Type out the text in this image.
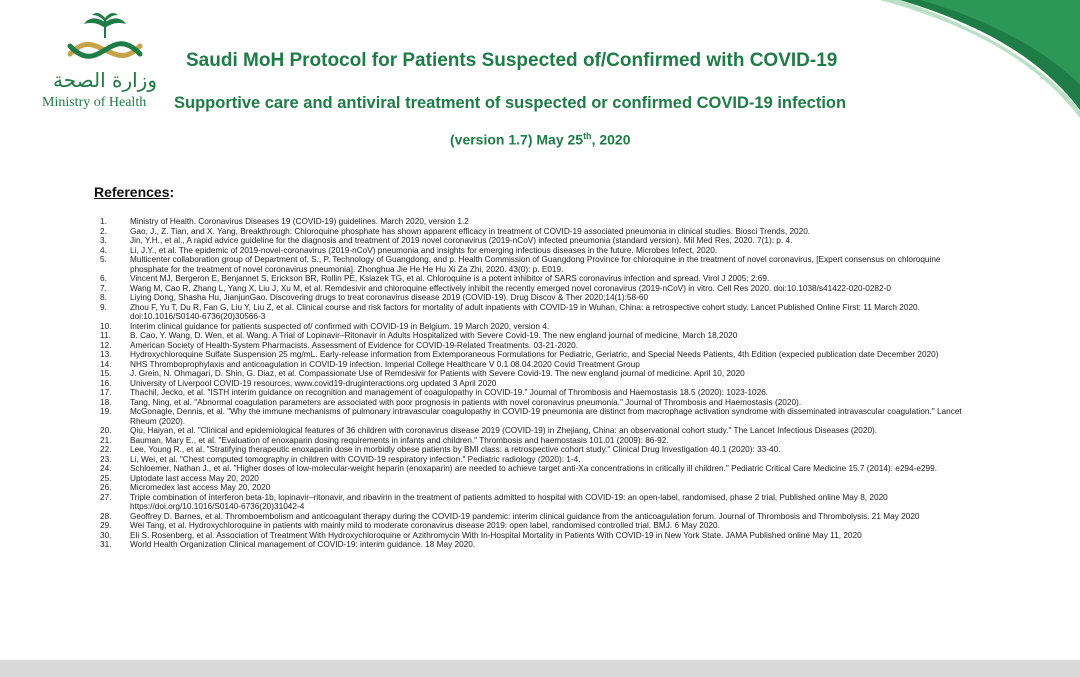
وزارة الصحة
Ministry of Health
Saudi MoH Protocol for Patients Suspected of/Confirmed with COVID-19
Supportive care and antiviral treatment of suspected or confirmed COVID-19 infection
(version 1.7) May 25th, 2020
References:
1.	Ministry of Health. Coronavirus Diseases 19 (COVID-19) guidelines. March 2020, version 1.2
2.	Gao, J., Z. Tian, and X. Yang, Breakthrough: Chloroquine phosphate has shown apparent efficacy in treatment of COVID-19 associated pneumonia in clinical studies. Biosci Trends, 2020.
3.	Jin, Y.H., et al., A rapid advice guideline for the diagnosis and treatment of 2019 novel coronavirus (2019-nCoV) infected pneumonia (standard version). Mil Med Res, 2020. 7(1): p. 4.
4.	Li, J.Y., et al. The epidemic of 2019-novel-coronavirus (2019-nCoV) pneumonia and insights for emerging infectious diseases in the future. Microbes Infect, 2020.
5.	Multicenter collaboration group of Department of, S., P. Technology of Guangdong, and p. Health Commission of Guangdong Province for chloroquine in the treatment of novel coronavirus, [Expert consensus on chloroquine phosphate for the treatment of novel coronavirus pneumonia]. Zhonghua Jie He He Hu Xi Za Zhi, 2020. 43(0): p. E019.
6.	Vincent MJ, Bergeron E, Benjannet S, Erickson BR, Rollin PE, Ksiazek TG, et al. Chloroquine is a potent inhibitor of SARS coronavirus infection and spread. Virol J 2005; 2:69.
7.	Wang M, Cao R, Zhang L, Yang X, Liu J, Xu M, et al. Remdesivir and chloroquine effectively inhibit the recently emerged novel coronavirus (2019-nCoV) in vitro. Cell Res 2020. doi:10.1038/s41422-020-0282-0
8.	Liying Dong, Shasha Hu, JianjunGao. Discovering drugs to treat coronavirus disease 2019 (COVID-19). Drug Discov & Ther 2020;14(1):58-60
9.	Zhou F, Yu T, Du R, Fan G, Liu Y, Liu Z, et al. Clinical course and risk factors for mortality of adult inpatients with COVID-19 in Wuhan, China: a retrospective cohort study. Lancet Published Online First: 11 March 2020. doi:10.1016/S0140-6736(20)30566-3
10.	Interim clinical guidance for patients suspected of/ confirmed with COVID-19 in Belgium. 19 March 2020, version 4.
11.	B. Cao, Y. Wang, D. Wen, et al. Wang. A Trial of Lopinavir–Ritonavir in Adults Hospitalized with Severe Covid-19. The new england journal of medicine, March 18,2020
12.	American Society of Health-System Pharmacists. Assessment of Evidence for COVID-19-Related Treatments. 03-21-2020.
13.	Hydroxychloroquine Sulfate Suspension 25 mg/mL. Early-release information from Extemporaneous Formulations for Pediatric, Geriatric, and Special Needs Patients, 4th Edition (expecied publication date December 2020)
14.	NHS Thromboprophylaxis and anticoagulation in COVID-19 infection. Imperial College Healthcare V 0.1 08.04.2020 Covid Treatment Group
15.	J. Grein, N. Ohmagari, D. Shin, G. Diaz, et al. Compassionate Use of Remdesivir for Patients with Severe Covid-19. The new england journal of medicine. April 10, 2020
16.	University of Liverpool COVID-19 resources, www.covid19-druginteractions.org updated 3 April 2020
17.	Thachil, Jecko, et al. "ISTH interim guidance on recognition and management of coagulopathy in COVID-19." Journal of Thrombosis and Haemostasis 18.5 (2020): 1023-1026.
18.	Tang, Ning, et al. "Abnormal coagulation parameters are associated with poor prognosis in patients with novel coronavirus pneumonia." Journal of Thrombosis and Haemostasis (2020).
19.	McGonagle, Dennis, et al. "Why the immune mechanisms of pulmonary intravascular coagulopathy in COVID-19 pneumonia are distinct from macrophage activation syndrome with disseminated intravascular coagulation." Lancet Rheum (2020).
20.	Qiu, Haiyan, et al. "Clinical and epidemiological features of 36 children with coronavirus disease 2019 (COVID-19) in Zhejiang, China: an observational cohort study." The Lancet Infectious Diseases (2020).
21.	Bauman, Mary E., et al. "Evaluation of enoxaparin dosing requirements in infants and children." Thrombosis and haemostasis 101.01 (2009): 86-92.
22.	Lee, Young R., et al. "Stratifying therapeutic enoxaparin dose in morbidly obese patients by BMI class: a retrospective cohort study." Clinical Drug Investigation 40.1 (2020): 33-40.
23.	Li, Wei, et al. "Chest computed tomography in children with COVID-19 respiratory infection." Pediatric radiology (2020): 1-4.
24.	Schloemer, Nathan J., et al. "Higher doses of low-molecular-weight heparin (enoxaparin) are needed to achieve target anti-Xa concentrations in critically ill children." Pediatric Critical Care Medicine 15.7 (2014): e294-e299.
25.	Uptodate last access May 20, 2020
26.	Micromedex last access May 20, 2020
27.	Triple combination of interferon beta-1b, lopinavir–ritonavir, and ribavirin in the treatment of patients admitted to hospital with COVID-19: an open-label, randomised, phase 2 trial, Published online May 8, 2020 https://doi.org/10.1016/S0140-6736(20)31042-4
28.	Geoffrey D. Barnes, et al. Thromboembolism and anticoagulant therapy during the COVID-19 pandemic: interim clinical guidance from the anticoagulation forum. Journal of Thrombosis and Thrombolysis. 21 May 2020
29.	Wei Tang, et al. Hydroxychloroquine in patients with mainly mild to moderate coronavirus disease 2019: open label, randomised controlled trial. BMJ. 6 May 2020.
30.	Eli S. Rosenberg, et al. Association of Treatment With Hydroxychloroquine or Azithromycin With In-Hospital Mortality in Patients With COVID-19 in New York State. JAMA Published online May 11, 2020
31.	World Health Organization Clinical management of COVID-19: interim guidance. 18 May 2020.
